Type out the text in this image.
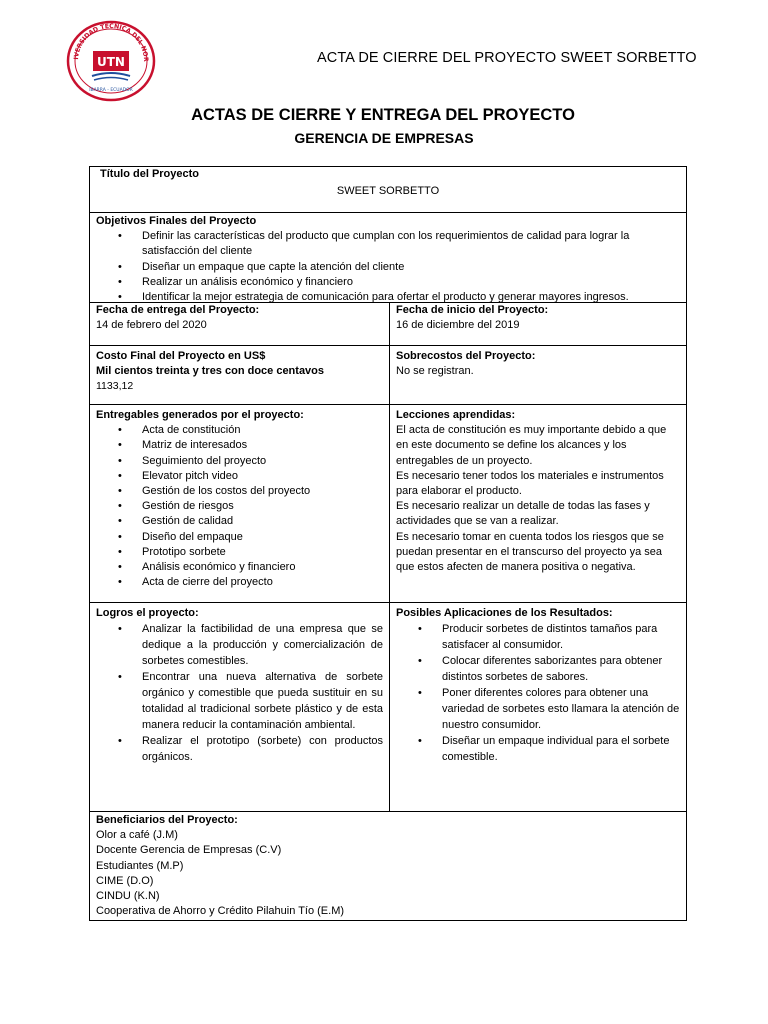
IVERSIDAD TÉCNICA DEL NOR
UTN
IBARRA - ECUADOR
ACTA DE CIERRE DEL PROYECTO SWEET SORBETTO
ACTAS DE CIERRE Y ENTREGA DEL PROYECTO
GERENCIA DE EMPRESAS
Título del Proyecto
SWEET SORBETTO
Objetivos Finales del Proyecto
• Definir las características del producto que cumplan con los requerimientos de calidad para lograr la satisfacción del cliente
• Diseñar un empaque que capte la atención del cliente
• Realizar un análisis económico y financiero
• Identificar la mejor estrategia de comunicación para ofertar el producto y generar mayores ingresos.
Fecha de entrega del Proyecto:
14 de febrero del 2020
Fecha de inicio del Proyecto:
16 de diciembre del 2019
Costo Final del Proyecto en US$
Mil cientos treinta y tres con doce centavos
1133,12
Sobrecostos del Proyecto:
No se registran.
Entregables generados por el proyecto:
• Acta de constitución
• Matriz de interesados
• Seguimiento del proyecto
• Elevator pitch video
• Gestión de los costos del proyecto
• Gestión de riesgos
• Gestión de calidad
• Diseño del empaque
• Prototipo sorbete
• Análisis económico y financiero
• Acta de cierre del proyecto
Lecciones aprendidas:
El acta de constitución es muy importante debido a que en este documento se define los alcances y los entregables de un proyecto.
Es necesario tener todos los materiales e instrumentos para elaborar el producto.
Es necesario realizar un detalle de todas las fases y actividades que se van a realizar.
Es necesario tomar en cuenta todos los riesgos que se puedan presentar en el transcurso del proyecto ya sea que estos afecten de manera positiva o negativa.
Logros el proyecto:
• Analizar la factibilidad de una empresa que se dedique a la producción y comercialización de sorbetes comestibles.
• Encontrar una nueva alternativa de sorbete orgánico y comestible que pueda sustituir en su totalidad al tradicional sorbete plástico y de esta manera reducir la contaminación ambiental.
• Realizar el prototipo (sorbete) con productos orgánicos.
Posibles Aplicaciones de los Resultados:
• Producir sorbetes de distintos tamaños para satisfacer al consumidor.
• Colocar diferentes saborizantes para obtener distintos sorbetes de sabores.
• Poner diferentes colores para obtener una variedad de sorbetes esto llamara la atención de nuestro consumidor.
• Diseñar un empaque individual para el sorbete comestible.
Beneficiarios del Proyecto:
Olor a café (J.M)
Docente Gerencia de Empresas (C.V)
Estudiantes (M.P)
CIME (D.O)
CINDU (K.N)
Cooperativa de Ahorro y Crédito Pilahuin Tío (E.M)
